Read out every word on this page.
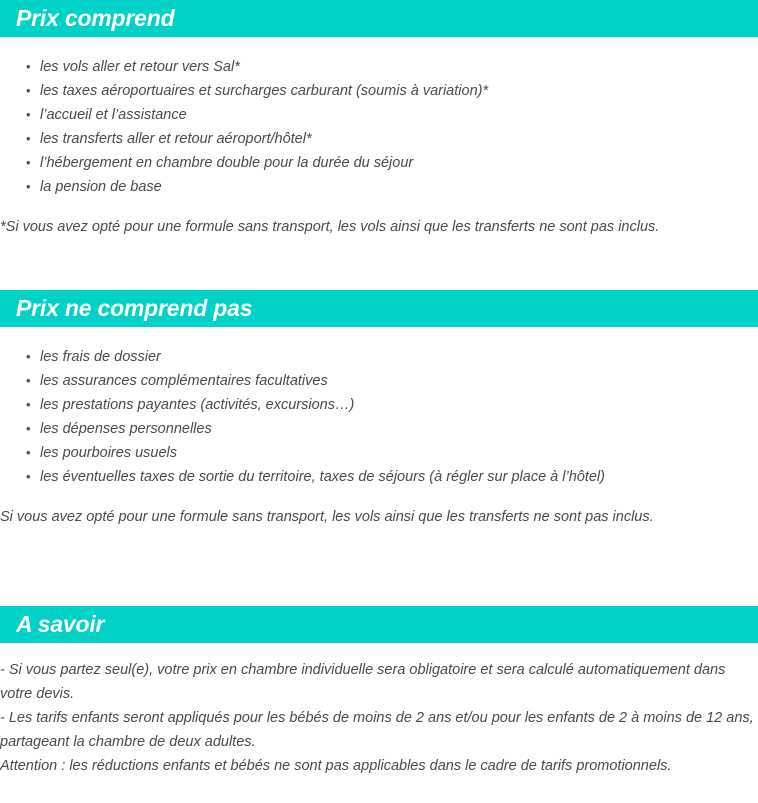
Prix comprend
• les vols aller et retour vers Sal*
• les taxes aéroportuaires et surcharges carburant (soumis à variation)*
• l’accueil et l’assistance
• les transferts aller et retour aéroport/hôtel*
• l’hébergement en chambre double pour la durée du séjour
• la pension de base

*Si vous avez opté pour une formule sans transport, les vols ainsi que les transferts ne sont pas inclus.

Prix ne comprend pas
• les frais de dossier
• les assurances complémentaires facultatives
• les prestations payantes (activités, excursions…)
• les dépenses personnelles
• les pourboires usuels
• les éventuelles taxes de sortie du territoire, taxes de séjours (à régler sur place à l’hôtel)

Si vous avez opté pour une formule sans transport, les vols ainsi que les transferts ne sont pas inclus.

A savoir

- Si vous partez seul(e), votre prix en chambre individuelle sera obligatoire et sera calculé automatiquement dans votre devis.

- Les tarifs enfants seront appliqués pour les bébés de moins de 2 ans et/ou pour les enfants de 2 à moins de 12 ans, partageant la chambre de deux adultes.

Attention : les réductions enfants et bébés ne sont pas applicables dans le cadre de tarifs promotionnels.
